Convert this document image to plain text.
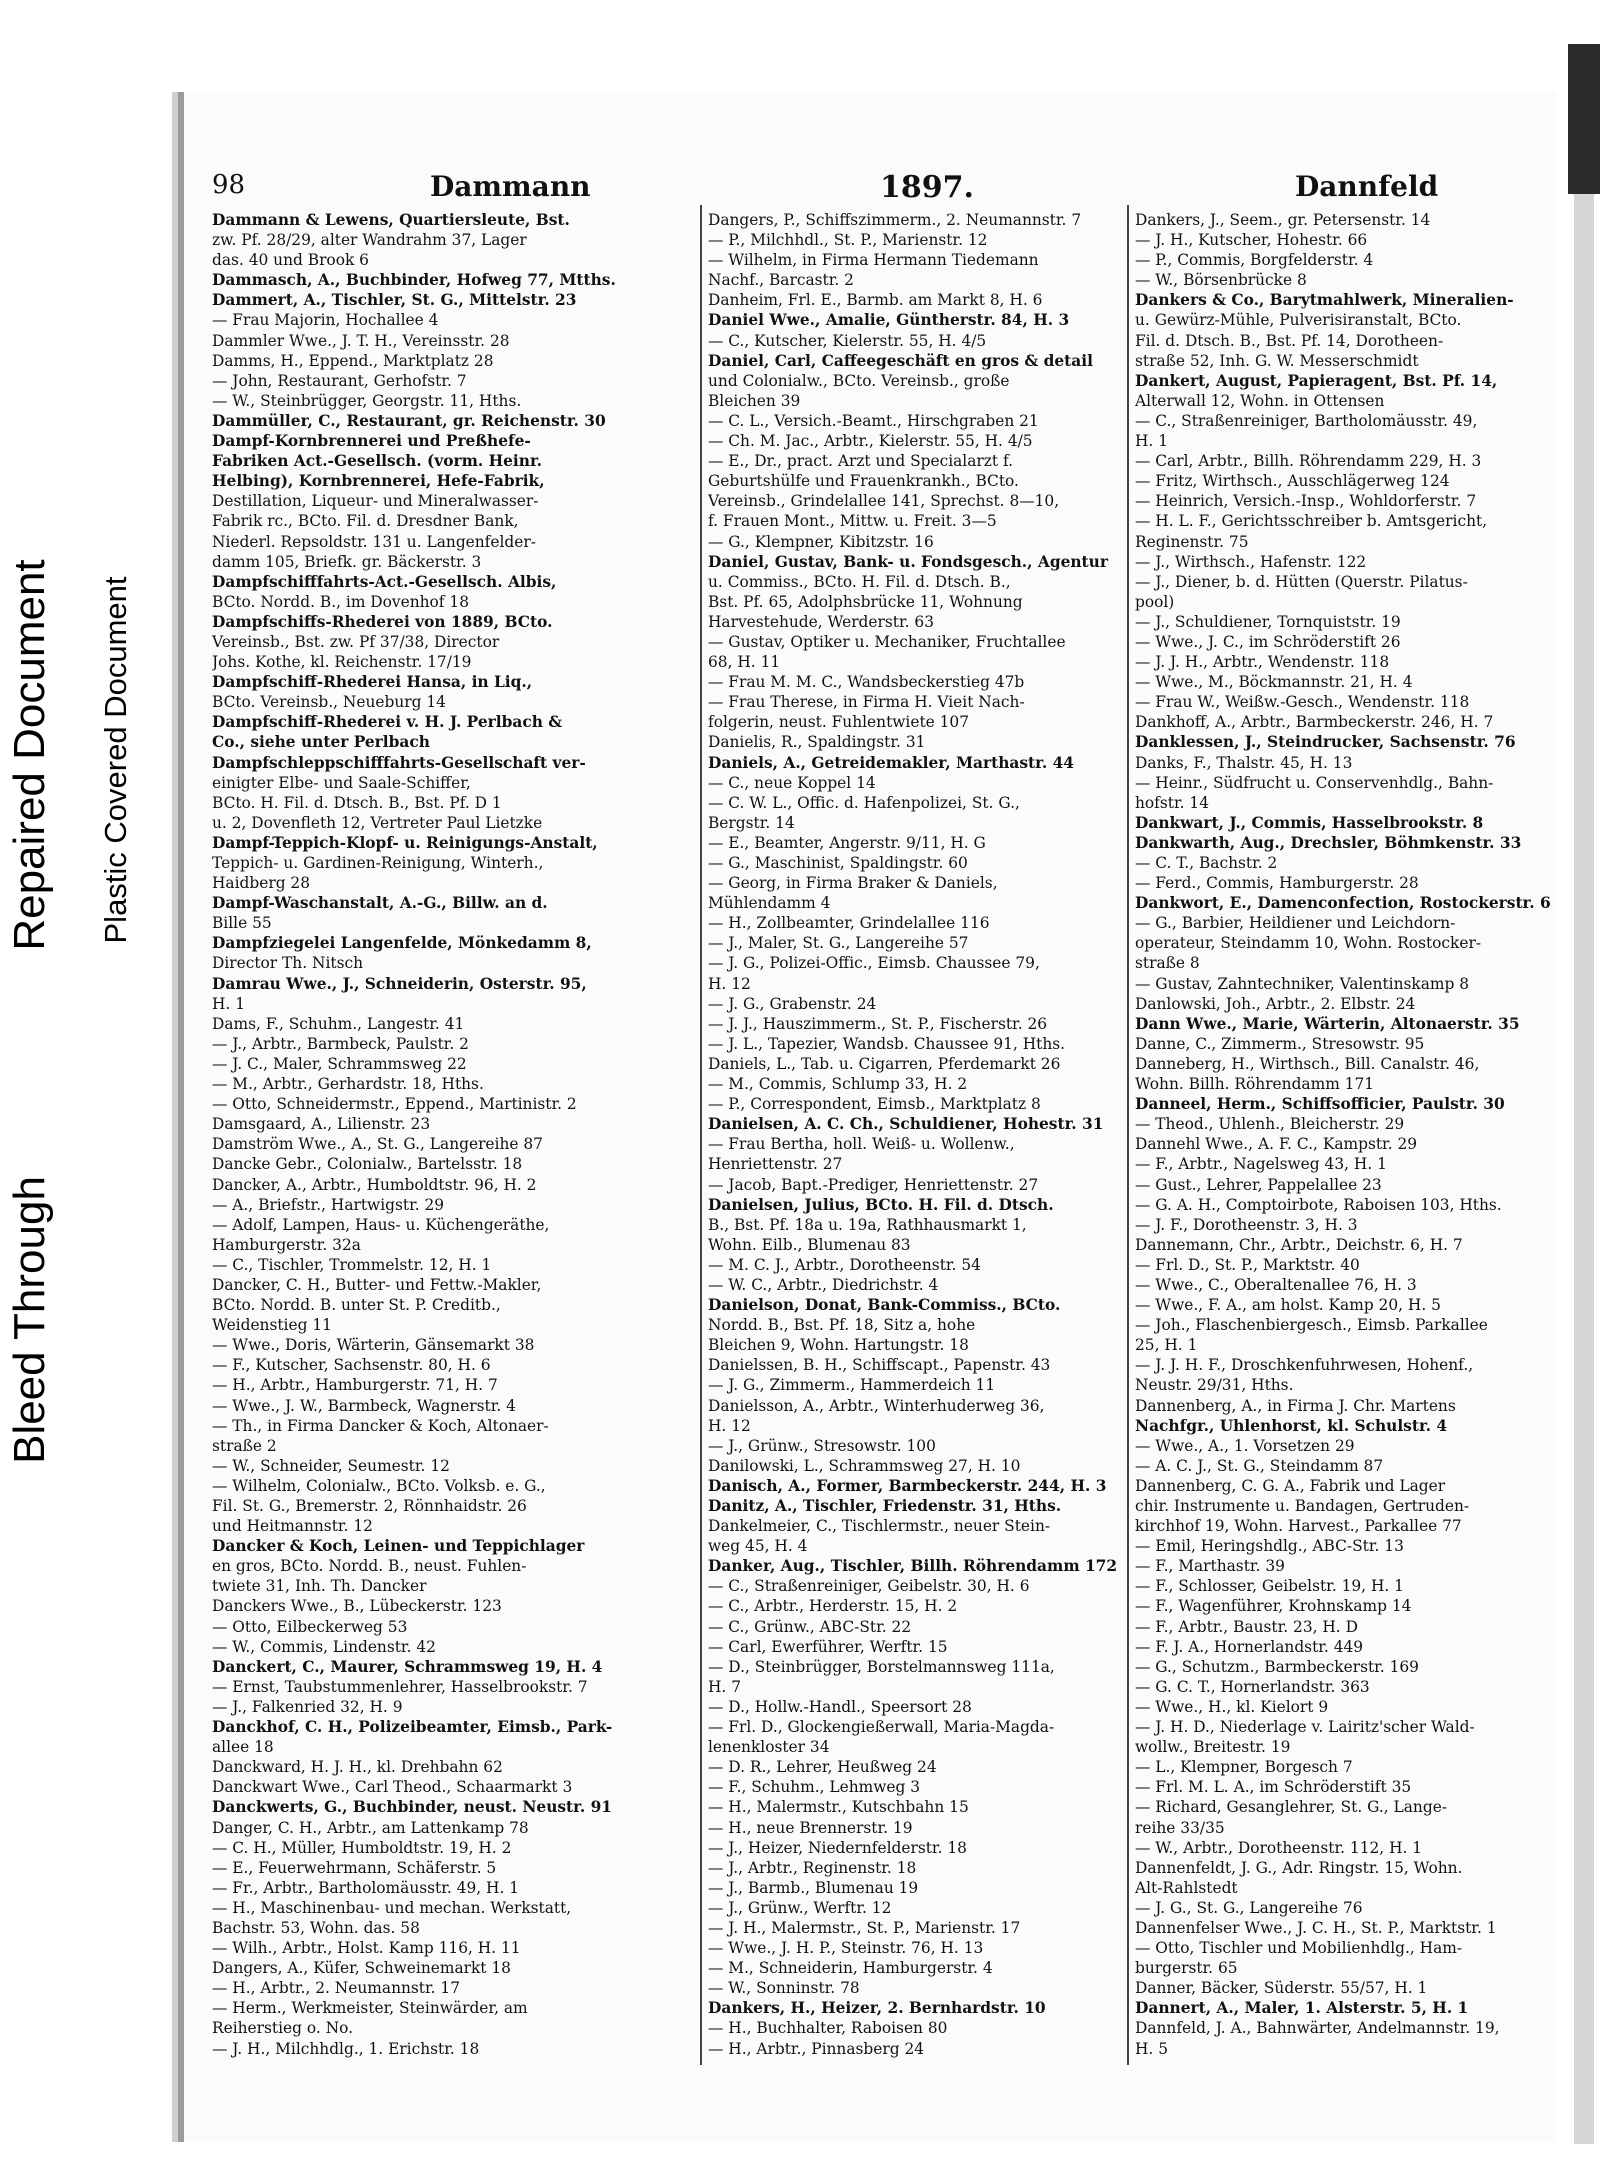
Bleed Through
Repaired Document Plastic Covered Document
98	Dammann	1897.	Dannfeld
Dammann & Lewens, Quartiersleute, Bst.
zw. Pf. 28/29, alter Wandrahm 37, Lager
das. 40 und Brook 6
Dammasch, A., Buchbinder, Hofweg 77, Mtths.
Dammert, A., Tischler, St. G., Mittelstr. 23
— Frau Majorin, Hochallee 4
Dammler Wwe., J. T. H., Vereinsstr. 28
Damms, H., Eppend., Marktplatz 28
— John, Restaurant, Gerhofstr. 7
— W., Steinbrügger, Georgstr. 11, Hths.
Dammüller, C., Restaurant, gr. Reichenstr. 30
Dampf-Kornbrennerei und Preßhefe-
Fabriken Act.-Gesellsch. (vorm. Heinr.
Helbing), Kornbrennerei, Hefe-Fabrik,
Destillation, Liqueur- und Mineralwasser-
Fabrik rc., BCto. Fil. d. Dresdner Bank,
Niederl. Repsoldstr. 131 u. Langenfelder-
damm 105, Briefk. gr. Bäckerstr. 3
Dampfschifffahrts-Act.-Gesellsch. Albis,
BCto. Nordd. B., im Dovenhof 18
Dampfschiffs-Rhederei von 1889, BCto.
Vereinsb., Bst. zw. Pf 37/38, Director
Johs. Kothe, kl. Reichenstr. 17/19
Dampfschiff-Rhederei Hansa, in Liq.,
BCto. Vereinsb., Neueburg 14
Dampfschiff-Rhederei v. H. J. Perlbach &
Co., siehe unter Perlbach
Dampfschleppschifffahrts-Gesellschaft ver-
einigter Elbe- und Saale-Schiffer,
BCto. H. Fil. d. Dtsch. B., Bst. Pf. D 1
u. 2, Dovenfleth 12, Vertreter Paul Lietzke
Dampf-Teppich-Klopf- u. Reinigungs-Anstalt,
Teppich- u. Gardinen-Reinigung, Winterh.,
Haidberg 28
Dampf-Waschanstalt, A.-G., Billw. an d.
Bille 55
Dampfziegelei Langenfelde, Mönkedamm 8,
Director Th. Nitsch
Damrau Wwe., J., Schneiderin, Osterstr. 95,
H. 1
Dams, F., Schuhm., Langestr. 41
— J., Arbtr., Barmbeck, Paulstr. 2
— J. C., Maler, Schrammsweg 22
— M., Arbtr., Gerhardstr. 18, Hths.
— Otto, Schneidermstr., Eppend., Martinistr. 2
Damsgaard, A., Lilienstr. 23
Damström Wwe., A., St. G., Langereihe 87
Dancke Gebr., Colonialw., Bartelsstr. 18
Dancker, A., Arbtr., Humboldtstr. 96, H. 2
— A., Briefstr., Hartwigstr. 29
— Adolf, Lampen, Haus- u. Küchengeräthe,
Hamburgerstr. 32a
— C., Tischler, Trommelstr. 12, H. 1
Dancker, C. H., Butter- und Fettw.-Makler,
BCto. Nordd. B. unter St. P. Creditb.,
Weidenstieg 11
— Wwe., Doris, Wärterin, Gänsemarkt 38
— F., Kutscher, Sachsenstr. 80, H. 6
— H., Arbtr., Hamburgerstr. 71, H. 7
— Wwe., J. W., Barmbeck, Wagnerstr. 4
— Th., in Firma Dancker & Koch, Altonaer-
straße 2
— W., Schneider, Seumestr. 12
— Wilhelm, Colonialw., BCto. Volksb. e. G.,
Fil. St. G., Bremerstr. 2, Rönnhaidstr. 26
und Heitmannstr. 12
Dancker & Koch, Leinen- und Teppichlager
en gros, BCto. Nordd. B., neust. Fuhlen-
twiete 31, Inh. Th. Dancker
Danckers Wwe., B., Lübeckerstr. 123
— Otto, Eilbeckerweg 53
— W., Commis, Lindenstr. 42
Danckert, C., Maurer, Schrammsweg 19, H. 4
— Ernst, Taubstummenlehrer, Hasselbrookstr. 7
— J., Falkenried 32, H. 9
Danckhof, C. H., Polizeibeamter, Eimsb., Park-
allee 18
Danckward, H. J. H., kl. Drehbahn 62
Danckwart Wwe., Carl Theod., Schaarmarkt 3
Danckwerts, G., Buchbinder, neust. Neustr. 91
Danger, C. H., Arbtr., am Lattenkamp 78
— C. H., Müller, Humboldtstr. 19, H. 2
— E., Feuerwehrmann, Schäferstr. 5
— Fr., Arbtr., Bartholomäusstr. 49, H. 1
— H., Maschinenbau- und mechan. Werkstatt,
Bachstr. 53, Wohn. das. 58
— Wilh., Arbtr., Holst. Kamp 116, H. 11
Dangers, A., Küfer, Schweinemarkt 18
— H., Arbtr., 2. Neumannstr. 17
— Herm., Werkmeister, Steinwärder, am
Reiherstieg o. No.
— J. H., Milchhdlg., 1. Erichstr. 18
Dangers, P., Schiffszimmerm., 2. Neumannstr. 7
— P., Milchhdl., St. P., Marienstr. 12
— Wilhelm, in Firma Hermann Tiedemann
Nachf., Barcastr. 2
Danheim, Frl. E., Barmb. am Markt 8, H. 6
Daniel Wwe., Amalie, Güntherstr. 84, H. 3
— C., Kutscher, Kielerstr. 55, H. 4/5
Daniel, Carl, Caffeegeschäft en gros & detail
und Colonialw., BCto. Vereinsb., große
Bleichen 39
— C. L., Versich.-Beamt., Hirschgraben 21
— Ch. M. Jac., Arbtr., Kielerstr. 55, H. 4/5
— E., Dr., pract. Arzt und Specialarzt f.
Geburtshülfe und Frauenkrankh., BCto.
Vereinsb., Grindelallee 141, Sprechst. 8—10,
f. Frauen Mont., Mittw. u. Freit. 3—5
— G., Klempner, Kibitzstr. 16
Daniel, Gustav, Bank- u. Fondsgesch., Agentur
u. Commiss., BCto. H. Fil. d. Dtsch. B.,
Bst. Pf. 65, Adolphsbrücke 11, Wohnung
Harvestehude, Werderstr. 63
— Gustav, Optiker u. Mechaniker, Fruchtallee
68, H. 11
— Frau M. M. C., Wandsbeckerstieg 47b
— Frau Therese, in Firma H. Vieit Nach-
folgerin, neust. Fuhlentwiete 107
Danielis, R., Spaldingstr. 31
Daniels, A., Getreidemakler, Marthastr. 44
— C., neue Koppel 14
— C. W. L., Offic. d. Hafenpolizei, St. G.,
Bergstr. 14
— E., Beamter, Angerstr. 9/11, H. G
— G., Maschinist, Spaldingstr. 60
— Georg, in Firma Braker & Daniels,
Mühlendamm 4
— H., Zollbeamter, Grindelallee 116
— J., Maler, St. G., Langereihe 57
— J. G., Polizei-Offic., Eimsb. Chaussee 79,
H. 12
— J. G., Grabenstr. 24
— J. J., Hauszimmerm., St. P., Fischerstr. 26
— J. L., Tapezier, Wandsb. Chaussee 91, Hths.
Daniels, L., Tab. u. Cigarren, Pferdemarkt 26
— M., Commis, Schlump 33, H. 2
— P., Correspondent, Eimsb., Marktplatz 8
Danielsen, A. C. Ch., Schuldiener, Hohestr. 31
— Frau Bertha, holl. Weiß- u. Wollenw.,
Henriettenstr. 27
— Jacob, Bapt.-Prediger, Henriettenstr. 27
Danielsen, Julius, BCto. H. Fil. d. Dtsch.
B., Bst. Pf. 18a u. 19a, Rathhausmarkt 1,
Wohn. Eilb., Blumenau 83
— M. C. J., Arbtr., Dorotheenstr. 54
— W. C., Arbtr., Diedrichstr. 4
Danielson, Donat, Bank-Commiss., BCto.
Nordd. B., Bst. Pf. 18, Sitz a, hohe
Bleichen 9, Wohn. Hartungstr. 18
Danielssen, B. H., Schiffscapt., Papenstr. 43
— J. G., Zimmerm., Hammerdeich 11
Danielsson, A., Arbtr., Winterhuderweg 36,
H. 12
— J., Grünw., Stresowstr. 100
Danilowski, L., Schrammsweg 27, H. 10
Danisch, A., Former, Barmbeckerstr. 244, H. 3
Danitz, A., Tischler, Friedenstr. 31, Hths.
Dankelmeier, C., Tischlermstr., neuer Stein-
weg 45, H. 4
Danker, Aug., Tischler, Billh. Röhrendamm 172
— C., Straßenreiniger, Geibelstr. 30, H. 6
— C., Arbtr., Herderstr. 15, H. 2
— C., Grünw., ABC-Str. 22
— Carl, Ewerführer, Werftr. 15
— D., Steinbrügger, Borstelmannsweg 111a,
H. 7
— D., Hollw.-Handl., Speersort 28
— Frl. D., Glockengießerwall, Maria-Magda-
lenenkloster 34
— D. R., Lehrer, Heußweg 24
— F., Schuhm., Lehmweg 3
— H., Malermstr., Kutschbahn 15
— H., neue Brennerstr. 19
— J., Heizer, Niedernfelderstr. 18
— J., Arbtr., Reginenstr. 18
— J., Barmb., Blumenau 19
— J., Grünw., Werftr. 12
— J. H., Malermstr., St. P., Marienstr. 17
— Wwe., J. H. P., Steinstr. 76, H. 13
— M., Schneiderin, Hamburgerstr. 4
— W., Sonninstr. 78
Dankers, H., Heizer, 2. Bernhardstr. 10
— H., Buchhalter, Raboisen 80
— H., Arbtr., Pinnasberg 24
Dankers, J., Seem., gr. Petersenstr. 14
— J. H., Kutscher, Hohestr. 66
— P., Commis, Borgfelderstr. 4
— W., Börsenbrücke 8
Dankers & Co., Barytmahlwerk, Mineralien-
u. Gewürz-Mühle, Pulverisiranstalt, BCto.
Fil. d. Dtsch. B., Bst. Pf. 14, Dorotheen-
straße 52, Inh. G. W. Messerschmidt
Dankert, August, Papieragent, Bst. Pf. 14,
Alterwall 12, Wohn. in Ottensen
— C., Straßenreiniger, Bartholomäusstr. 49,
H. 1
— Carl, Arbtr., Billh. Röhrendamm 229, H. 3
— Fritz, Wirthsch., Ausschlägerweg 124
— Heinrich, Versich.-Insp., Wohldorferstr. 7
— H. L. F., Gerichtsschreiber b. Amtsgericht,
Reginenstr. 75
— J., Wirthsch., Hafenstr. 122
— J., Diener, b. d. Hütten (Querstr. Pilatus-
pool)
— J., Schuldiener, Tornquiststr. 19
— Wwe., J. C., im Schröderstift 26
— J. J. H., Arbtr., Wendenstr. 118
— Wwe., M., Böckmannstr. 21, H. 4
— Frau W., Weißw.-Gesch., Wendenstr. 118
Dankhoff, A., Arbtr., Barmbeckerstr. 246, H. 7
Danklessen, J., Steindrucker, Sachsenstr. 76
Danks, F., Thalstr. 45, H. 13
— Heinr., Südfrucht u. Conservenhdlg., Bahn-
hofstr. 14
Dankwart, J., Commis, Hasselbrookstr. 8
Dankwarth, Aug., Drechsler, Böhmkenstr. 33
— C. T., Bachstr. 2
— Ferd., Commis, Hamburgerstr. 28
Dankwort, E., Damenconfection, Rostockerstr. 6
— G., Barbier, Heildiener und Leichdorn-
operateur, Steindamm 10, Wohn. Rostocker-
straße 8
— Gustav, Zahntechniker, Valentinskamp 8
Danlowski, Joh., Arbtr., 2. Elbstr. 24
Dann Wwe., Marie, Wärterin, Altonaerstr. 35
Danne, C., Zimmerm., Stresowstr. 95
Danneberg, H., Wirthsch., Bill. Canalstr. 46,
Wohn. Billh. Röhrendamm 171
Danneel, Herm., Schiffsofficier, Paulstr. 30
— Theod., Uhlenh., Bleicherstr. 29
Dannehl Wwe., A. F. C., Kampstr. 29
— F., Arbtr., Nagelsweg 43, H. 1
— Gust., Lehrer, Pappelallee 23
— G. A. H., Comptoirbote, Raboisen 103, Hths.
— J. F., Dorotheenstr. 3, H. 3
Dannemann, Chr., Arbtr., Deichstr. 6, H. 7
— Frl. D., St. P., Marktstr. 40
— Wwe., C., Oberaltenallee 76, H. 3
— Wwe., F. A., am holst. Kamp 20, H. 5
— Joh., Flaschenbiergesch., Eimsb. Parkallee
25, H. 1
— J. J. H. F., Droschkenfuhrwesen, Hohenf.,
Neustr. 29/31, Hths.
Dannenberg, A., in Firma J. Chr. Martens
Nachfgr., Uhlenhorst, kl. Schulstr. 4
— Wwe., A., 1. Vorsetzen 29
— A. C. J., St. G., Steindamm 87
Dannenberg, C. G. A., Fabrik und Lager
chir. Instrumente u. Bandagen, Gertruden-
kirchhof 19, Wohn. Harvest., Parkallee 77
— Emil, Heringshdlg., ABC-Str. 13
— F., Marthastr. 39
— F., Schlosser, Geibelstr. 19, H. 1
— F., Wagenführer, Krohnskamp 14
— F., Arbtr., Baustr. 23, H. D
— F. J. A., Hornerlandstr. 449
— G., Schutzm., Barmbeckerstr. 169
— G. C. T., Hornerlandstr. 363
— Wwe., H., kl. Kielort 9
— J. H. D., Niederlage v. Lairitz'scher Wald-
wollw., Breitestr. 19
— L., Klempner, Borgesch 7
— Frl. M. L. A., im Schröderstift 35
— Richard, Gesanglehrer, St. G., Lange-
reihe 33/35
— W., Arbtr., Dorotheenstr. 112, H. 1
Dannenfeldt, J. G., Adr. Ringstr. 15, Wohn.
Alt-Rahlstedt
— J. G., St. G., Langereihe 76
Dannenfelser Wwe., J. C. H., St. P., Marktstr. 1
— Otto, Tischler und Mobilienhdlg., Ham-
burgerstr. 65
Danner, Bäcker, Süderstr. 55/57, H. 1
Dannert, A., Maler, 1. Alsterstr. 5, H. 1
Dannfeld, J. A., Bahnwärter, Andelmannstr. 19,
H. 5
